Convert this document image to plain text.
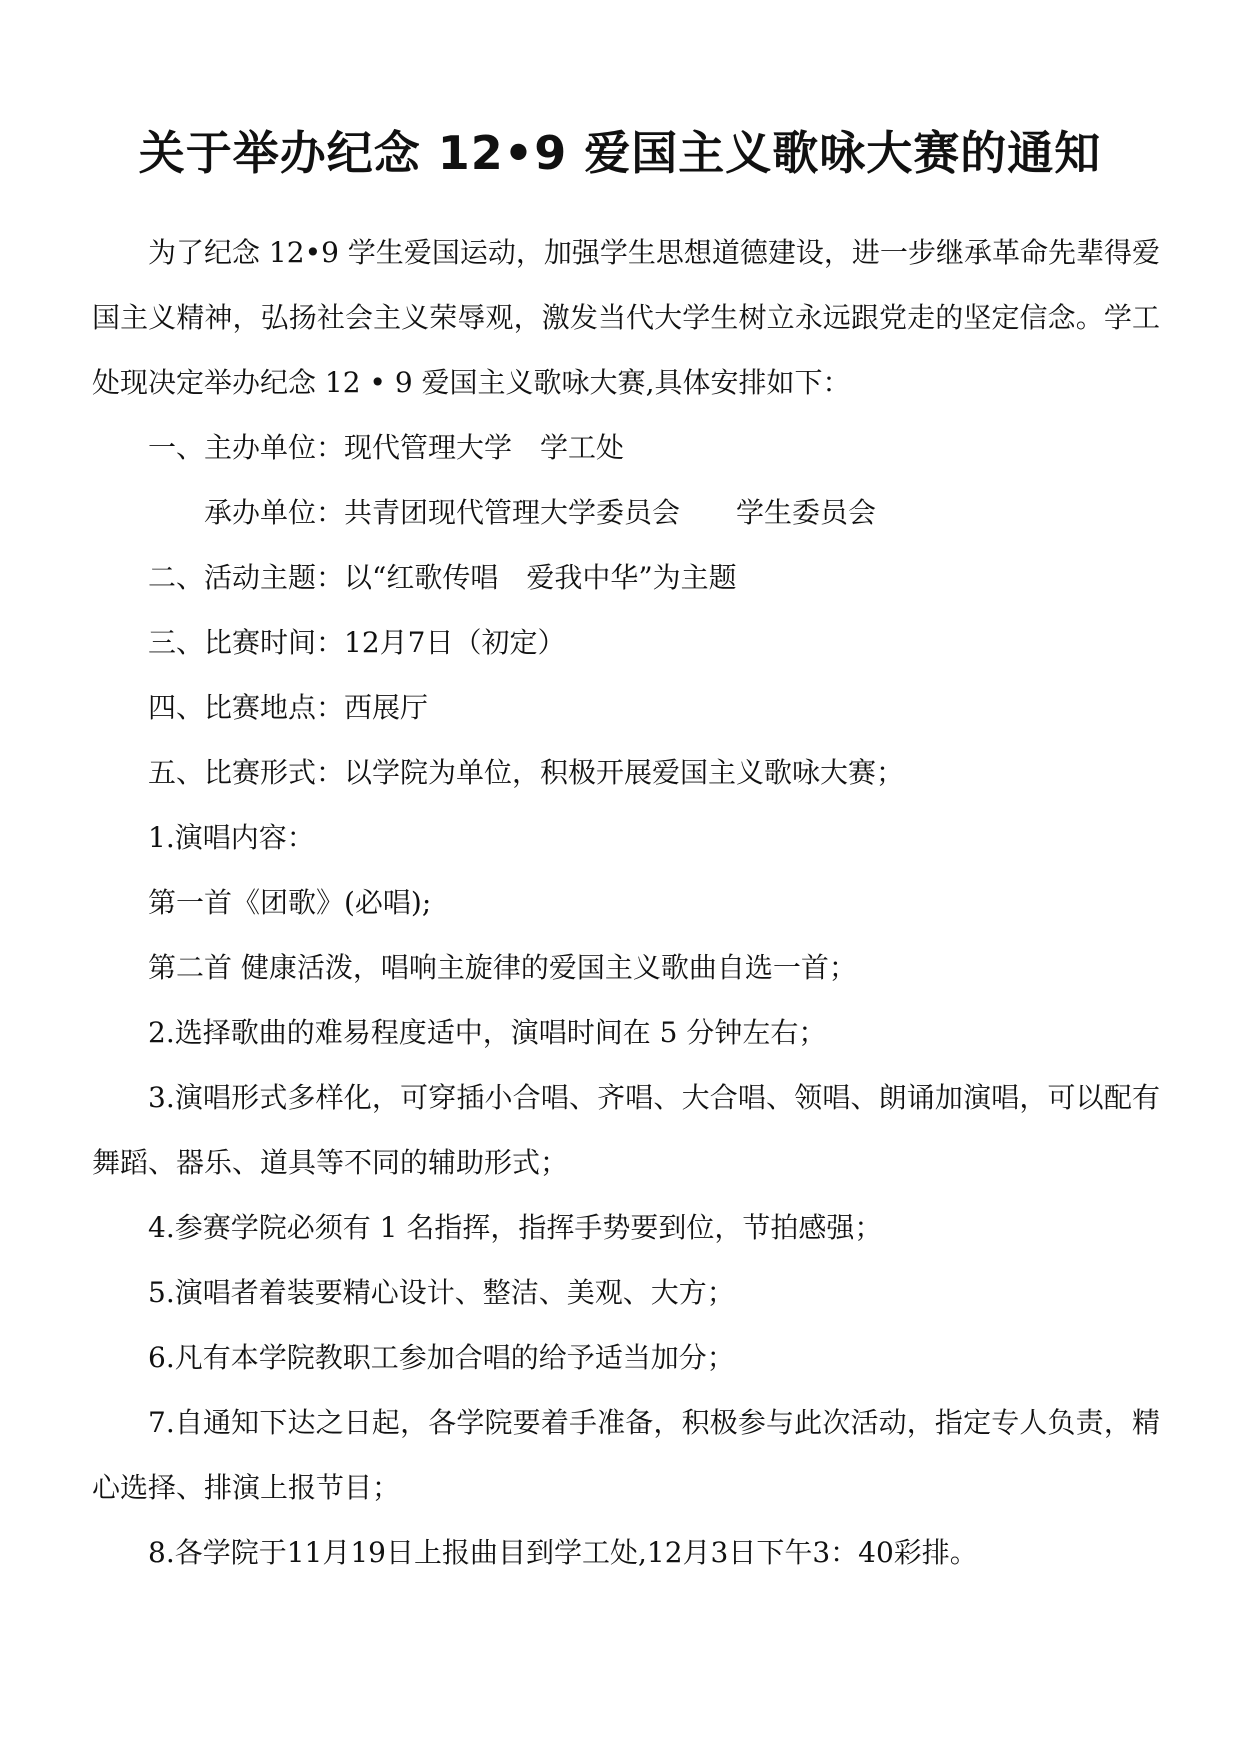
关于举办纪念 12•9 爱国主义歌咏大赛的通知

为了纪念 12•9 学生爱国运动，加强学生思想道德建设，进一步继承革命先辈得爱国主义精神，弘扬社会主义荣辱观，激发当代大学生树立永远跟党走的坚定信念。学工处现决定举办纪念 12 • 9 爱国主义歌咏大赛,具体安排如下：

一、主办单位：现代管理大学　学工处

承办单位：共青团现代管理大学委员会　　学生委员会

二、活动主题：以“红歌传唱　爱我中华”为主题

三、比赛时间：12月7日（初定）

四、比赛地点：西展厅

五、比赛形式：以学院为单位，积极开展爱国主义歌咏大赛；

1.演唱内容：

第一首《团歌》(必唱);

第二首 健康活泼，唱响主旋律的爱国主义歌曲自选一首；

2.选择歌曲的难易程度适中，演唱时间在 5 分钟左右；

3.演唱形式多样化，可穿插小合唱、齐唱、大合唱、领唱、朗诵加演唱，可以配有舞蹈、器乐、道具等不同的辅助形式；

4.参赛学院必须有 1 名指挥，指挥手势要到位，节拍感强；

5.演唱者着装要精心设计、整洁、美观、大方；

6.凡有本学院教职工参加合唱的给予适当加分；

7.自通知下达之日起，各学院要着手准备，积极参与此次活动，指定专人负责，精心选择、排演上报节目；

8.各学院于11月19日上报曲目到学工处,12月3日下午3：40彩排。
